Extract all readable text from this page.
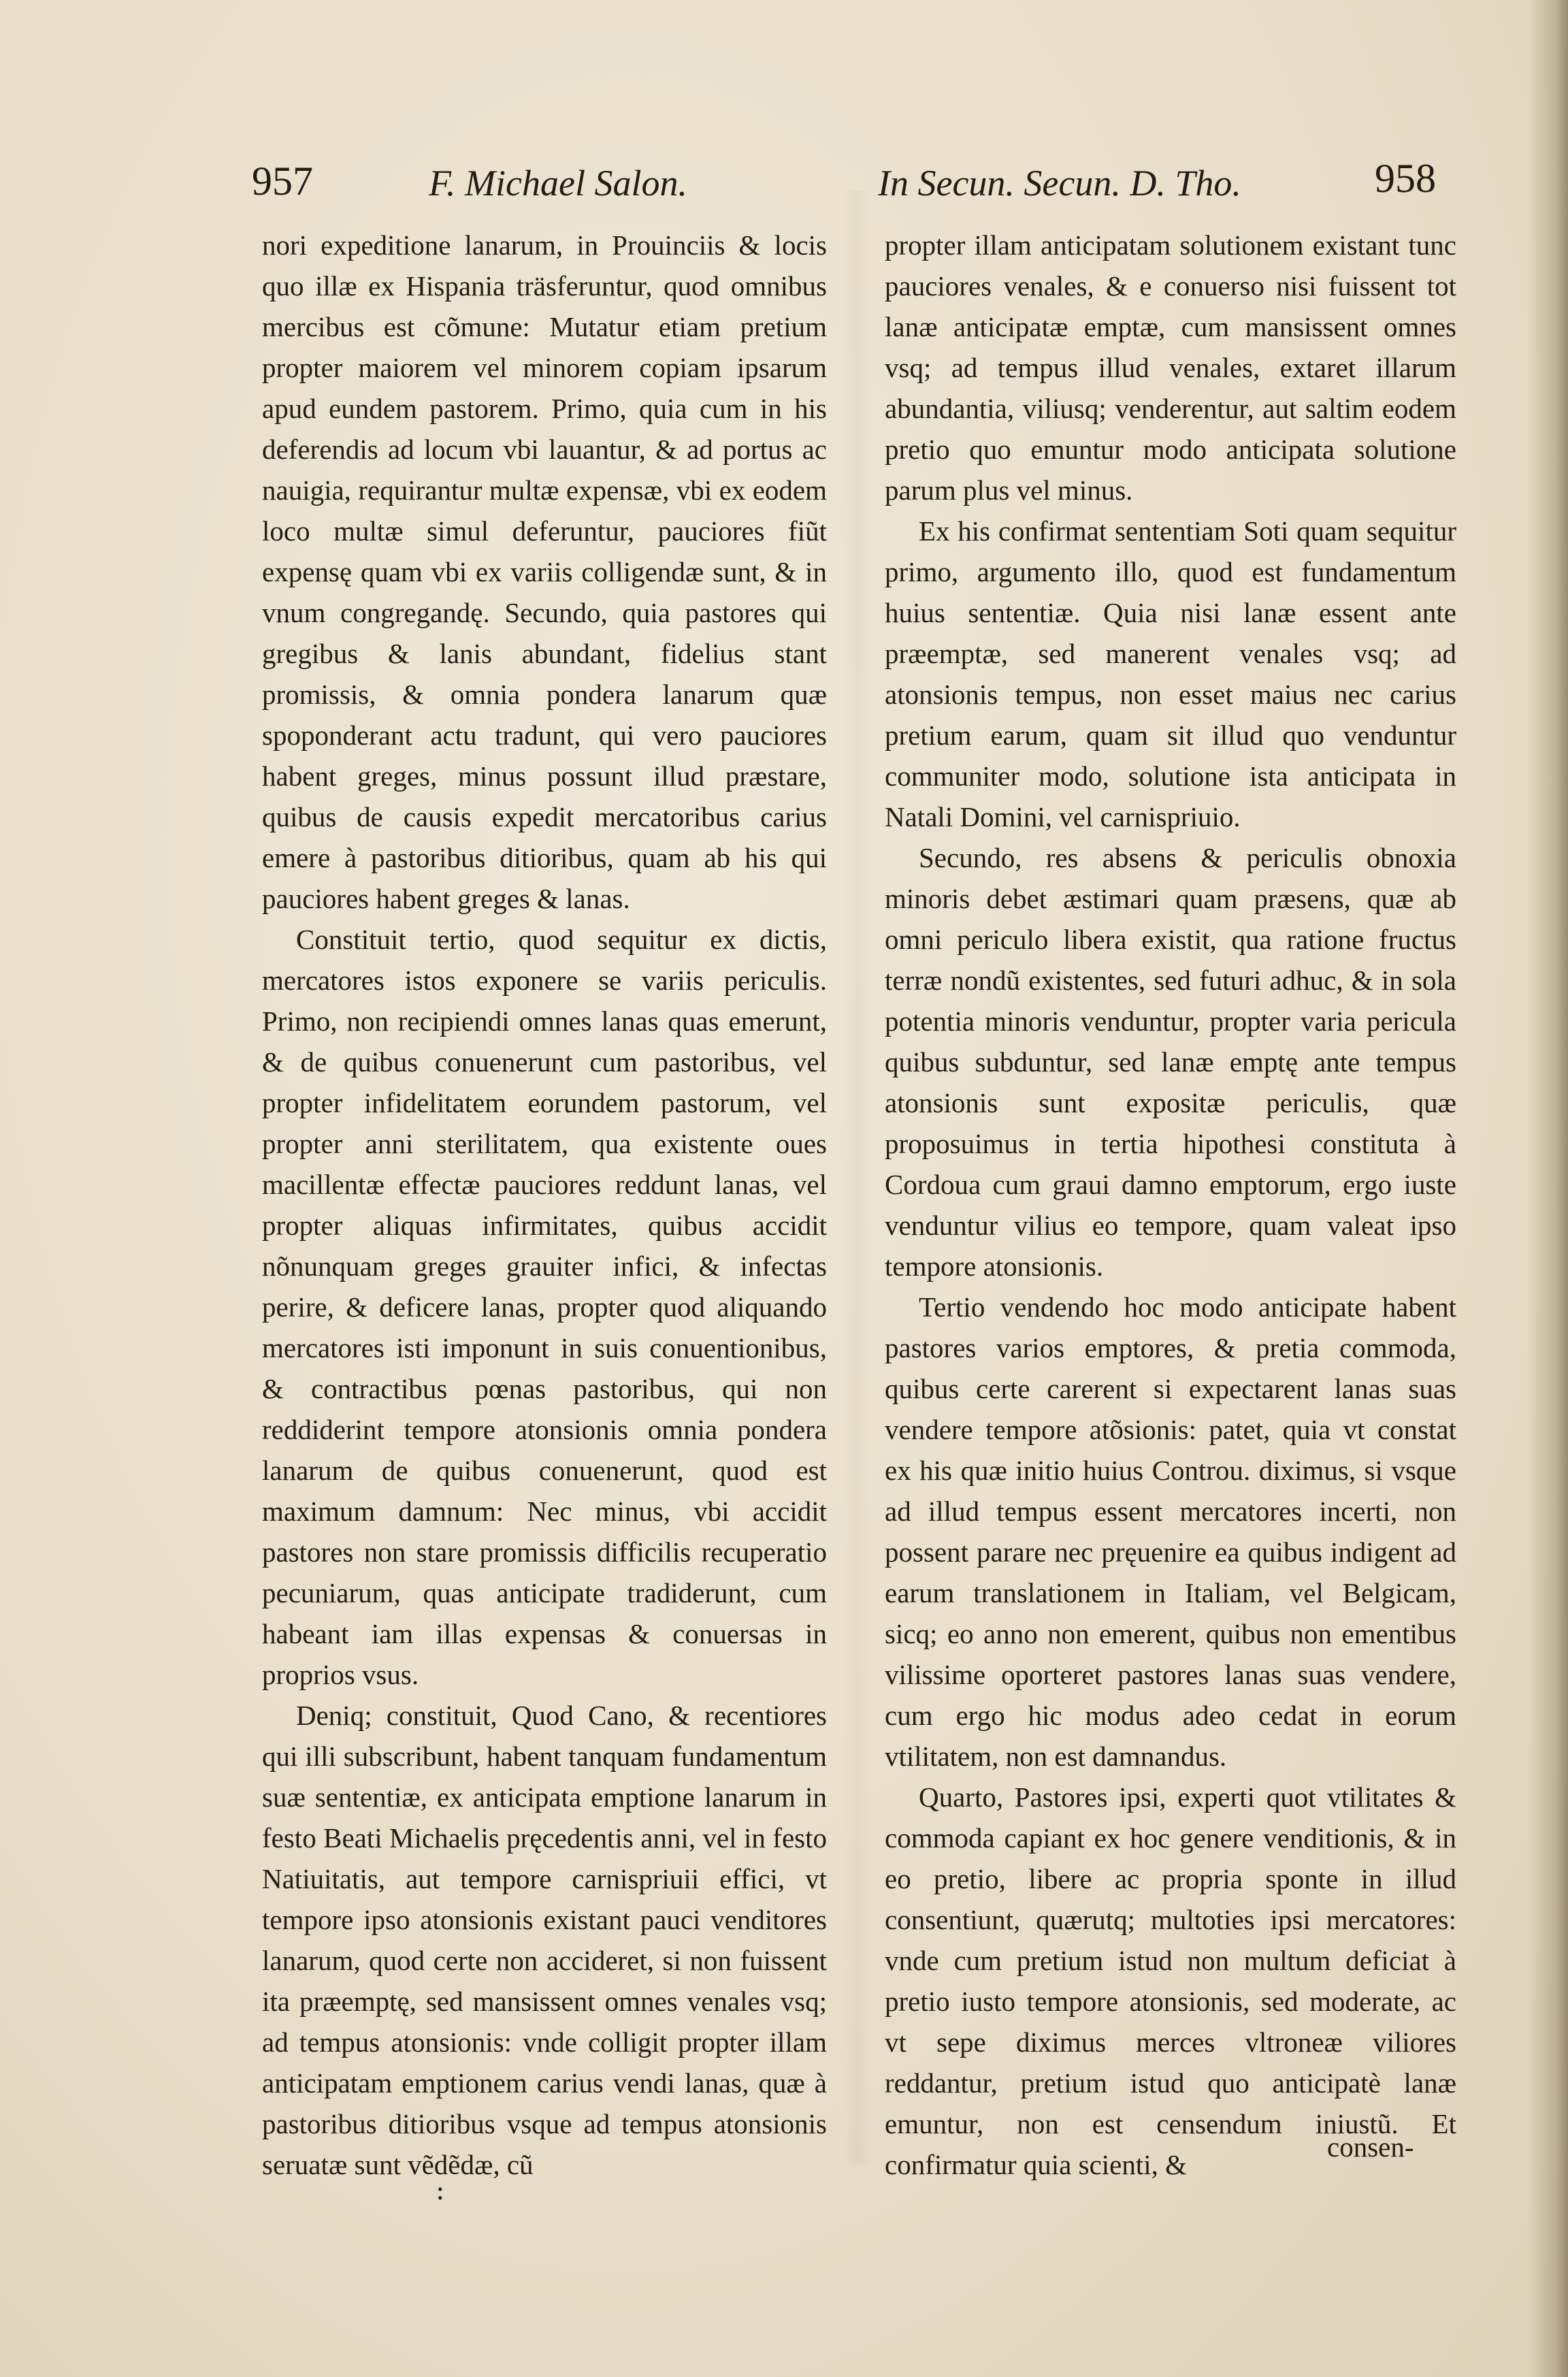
957	F. Michael Salon.	In Secun. Secun. D. Tho.	958

nori expeditione lanarum, in Prouinciis & locis quo illæ ex Hispania träsferuntur, quod omnibus mercibus est cõmune: Mutatur etiam pretium propter maiorem vel minorem copiam ipsarum apud eundem pastorem. Primo, quia cum in his deferendis ad locum vbi lauantur, & ad portus ac nauigia, requirantur multæ expensæ, vbi ex eodem loco multæ simul deferuntur, pauciores fiũt expensę quam vbi ex variis colligendæ sunt, & in vnum congregandę. Secundo, quia pastores qui gregibus & lanis abundant, fidelius stant promissis, & omnia pondera lanarum quæ spoponderant actu tradunt, qui vero pauciores habent greges, minus possunt illud præstare, quibus de causis expedit mercatoribus carius emere à pastoribus ditioribus, quam ab his qui pauciores habent greges & lanas.

Constituit tertio, quod sequitur ex dictis, mercatores istos exponere se variis periculis. Primo, non recipiendi omnes lanas quas emerunt, & de quibus conuenerunt cum pastoribus, vel propter infidelitatem eorundem pastorum, vel propter anni sterilitatem, qua existente oues macillentæ effectæ pauciores reddunt lanas, vel propter aliquas infirmitates, quibus accidit nõnunquam greges grauiter infici, & infectas perire, & deficere lanas, propter quod aliquando mercatores isti imponunt in suis conuentionibus, & contractibus pœnas pastoribus, qui non reddiderint tempore atonsionis omnia pondera lanarum de quibus conuenerunt, quod est maximum damnum: Nec minus, vbi accidit pastores non stare promissis difficilis recuperatio pecuniarum, quas anticipate tradiderunt, cum habeant iam illas expensas & conuersas in proprios vsus.

Deniq; constituit, Quod Cano, & recentiores qui illi subscribunt, habent tanquam fundamentum suæ sententiæ, ex anticipata emptione lanarum in festo Beati Michaelis pręcedentis anni, vel in festo Natiuitatis, aut tempore carnispriuii effici, vt tempore ipso atonsionis existant pauci venditores lanarum, quod certe non accideret, si non fuissent ita præemptę, sed mansissent omnes venales vsq; ad tempus atonsionis: vnde colligit propter illam anticipatam emptionem carius vendi lanas, quæ à pastoribus ditioribus vsque ad tempus atonsionis seruatæ sunt vẽdẽdæ, cũ

propter illam anticipatam solutionem existant tunc pauciores venales, & e conuerso nisi fuissent tot lanæ anticipatæ emptæ, cum mansissent omnes vsq; ad tempus illud venales, extaret illarum abundantia, viliusq; venderentur, aut saltim eodem pretio quo emuntur modo anticipata solutione parum plus vel minus.

Ex his confirmat sententiam Soti quam sequitur primo, argumento illo, quod est fundamentum huius sententiæ. Quia nisi lanæ essent ante præemptæ, sed manerent venales vsq; ad atonsionis tempus, non esset maius nec carius pretium earum, quam sit illud quo venduntur communiter modo, solutione ista anticipata in Natali Domini, vel carnispriuio.

Secundo, res absens & periculis obnoxia minoris debet æstimari quam præsens, quæ ab omni periculo libera existit, qua ratione fructus terræ nondũ existentes, sed futuri adhuc, & in sola potentia minoris venduntur, propter varia pericula quibus subduntur, sed lanæ emptę ante tempus atonsionis sunt expositæ periculis, quæ proposuimus in tertia hipothesi constituta à Cordoua cum graui damno emptorum, ergo iuste venduntur vilius eo tempore, quam valeat ipso tempore atonsionis.

Tertio vendendo hoc modo anticipate habent pastores varios emptores, & pretia commoda, quibus certe carerent si expectarent lanas suas vendere tempore atõsionis: patet, quia vt constat ex his quæ initio huius Controu. diximus, si vsque ad illud tempus essent mercatores incerti, non possent parare nec pręuenire ea quibus indigent ad earum translationem in Italiam, vel Belgicam, sicq; eo anno non emerent, quibus non ementibus vilissime oporteret pastores lanas suas vendere, cum ergo hic modus adeo cedat in eorum vtilitatem, non est damnandus.

Quarto, Pastores ipsi, experti quot vtilitates & commoda capiant ex hoc genere venditionis, & in eo pretio, libere ac propria sponte in illud consentiunt, quærutq; multoties ipsi mercatores: vnde cum pretium istud non multum deficiat à pretio iusto tempore atonsionis, sed moderate, ac vt sepe diximus merces vltroneæ viliores reddantur, pretium istud quo anticipatè lanæ emuntur, non est censendum iniustũ. Et confirmatur quia scienti, &

consen-
:
